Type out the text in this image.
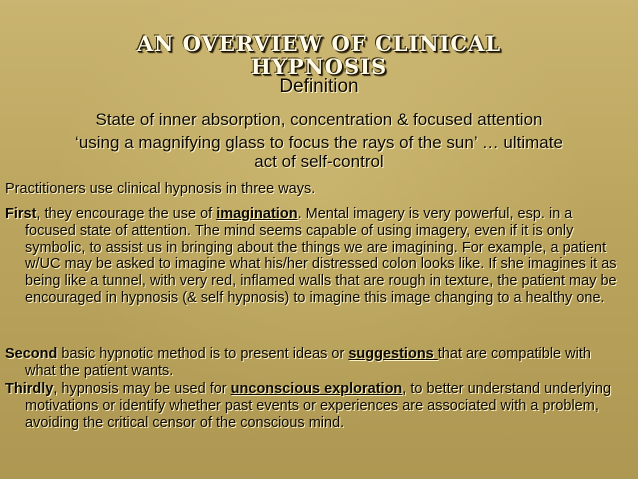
AN OVERVIEW OF CLINICAL
HYPNOSIS
Definition
State of inner absorption, concentration & focused attention
‘using a magnifying glass to focus the rays of the sun’ … ultimate
act of self-control
Practitioners use clinical hypnosis in three ways.
First, they encourage the use of imagination. Mental imagery is very powerful, esp. in a focused state of attention. The mind seems capable of using imagery, even if it is only symbolic, to assist us in bringing about the things we are imagining. For example, a patient w/UC may be asked to imagine what his/her distressed colon looks like. If she imagines it as being like a tunnel, with very red, inflamed walls that are rough in texture, the patient may be encouraged in hypnosis (& self hypnosis) to imagine this image changing to a healthy one.
Second basic hypnotic method is to present ideas or suggestions that are compatible with what the patient wants.
Thirdly, hypnosis may be used for unconscious exploration, to better understand underlying motivations or identify whether past events or experiences are associated with a problem, avoiding the critical censor of the conscious mind.
